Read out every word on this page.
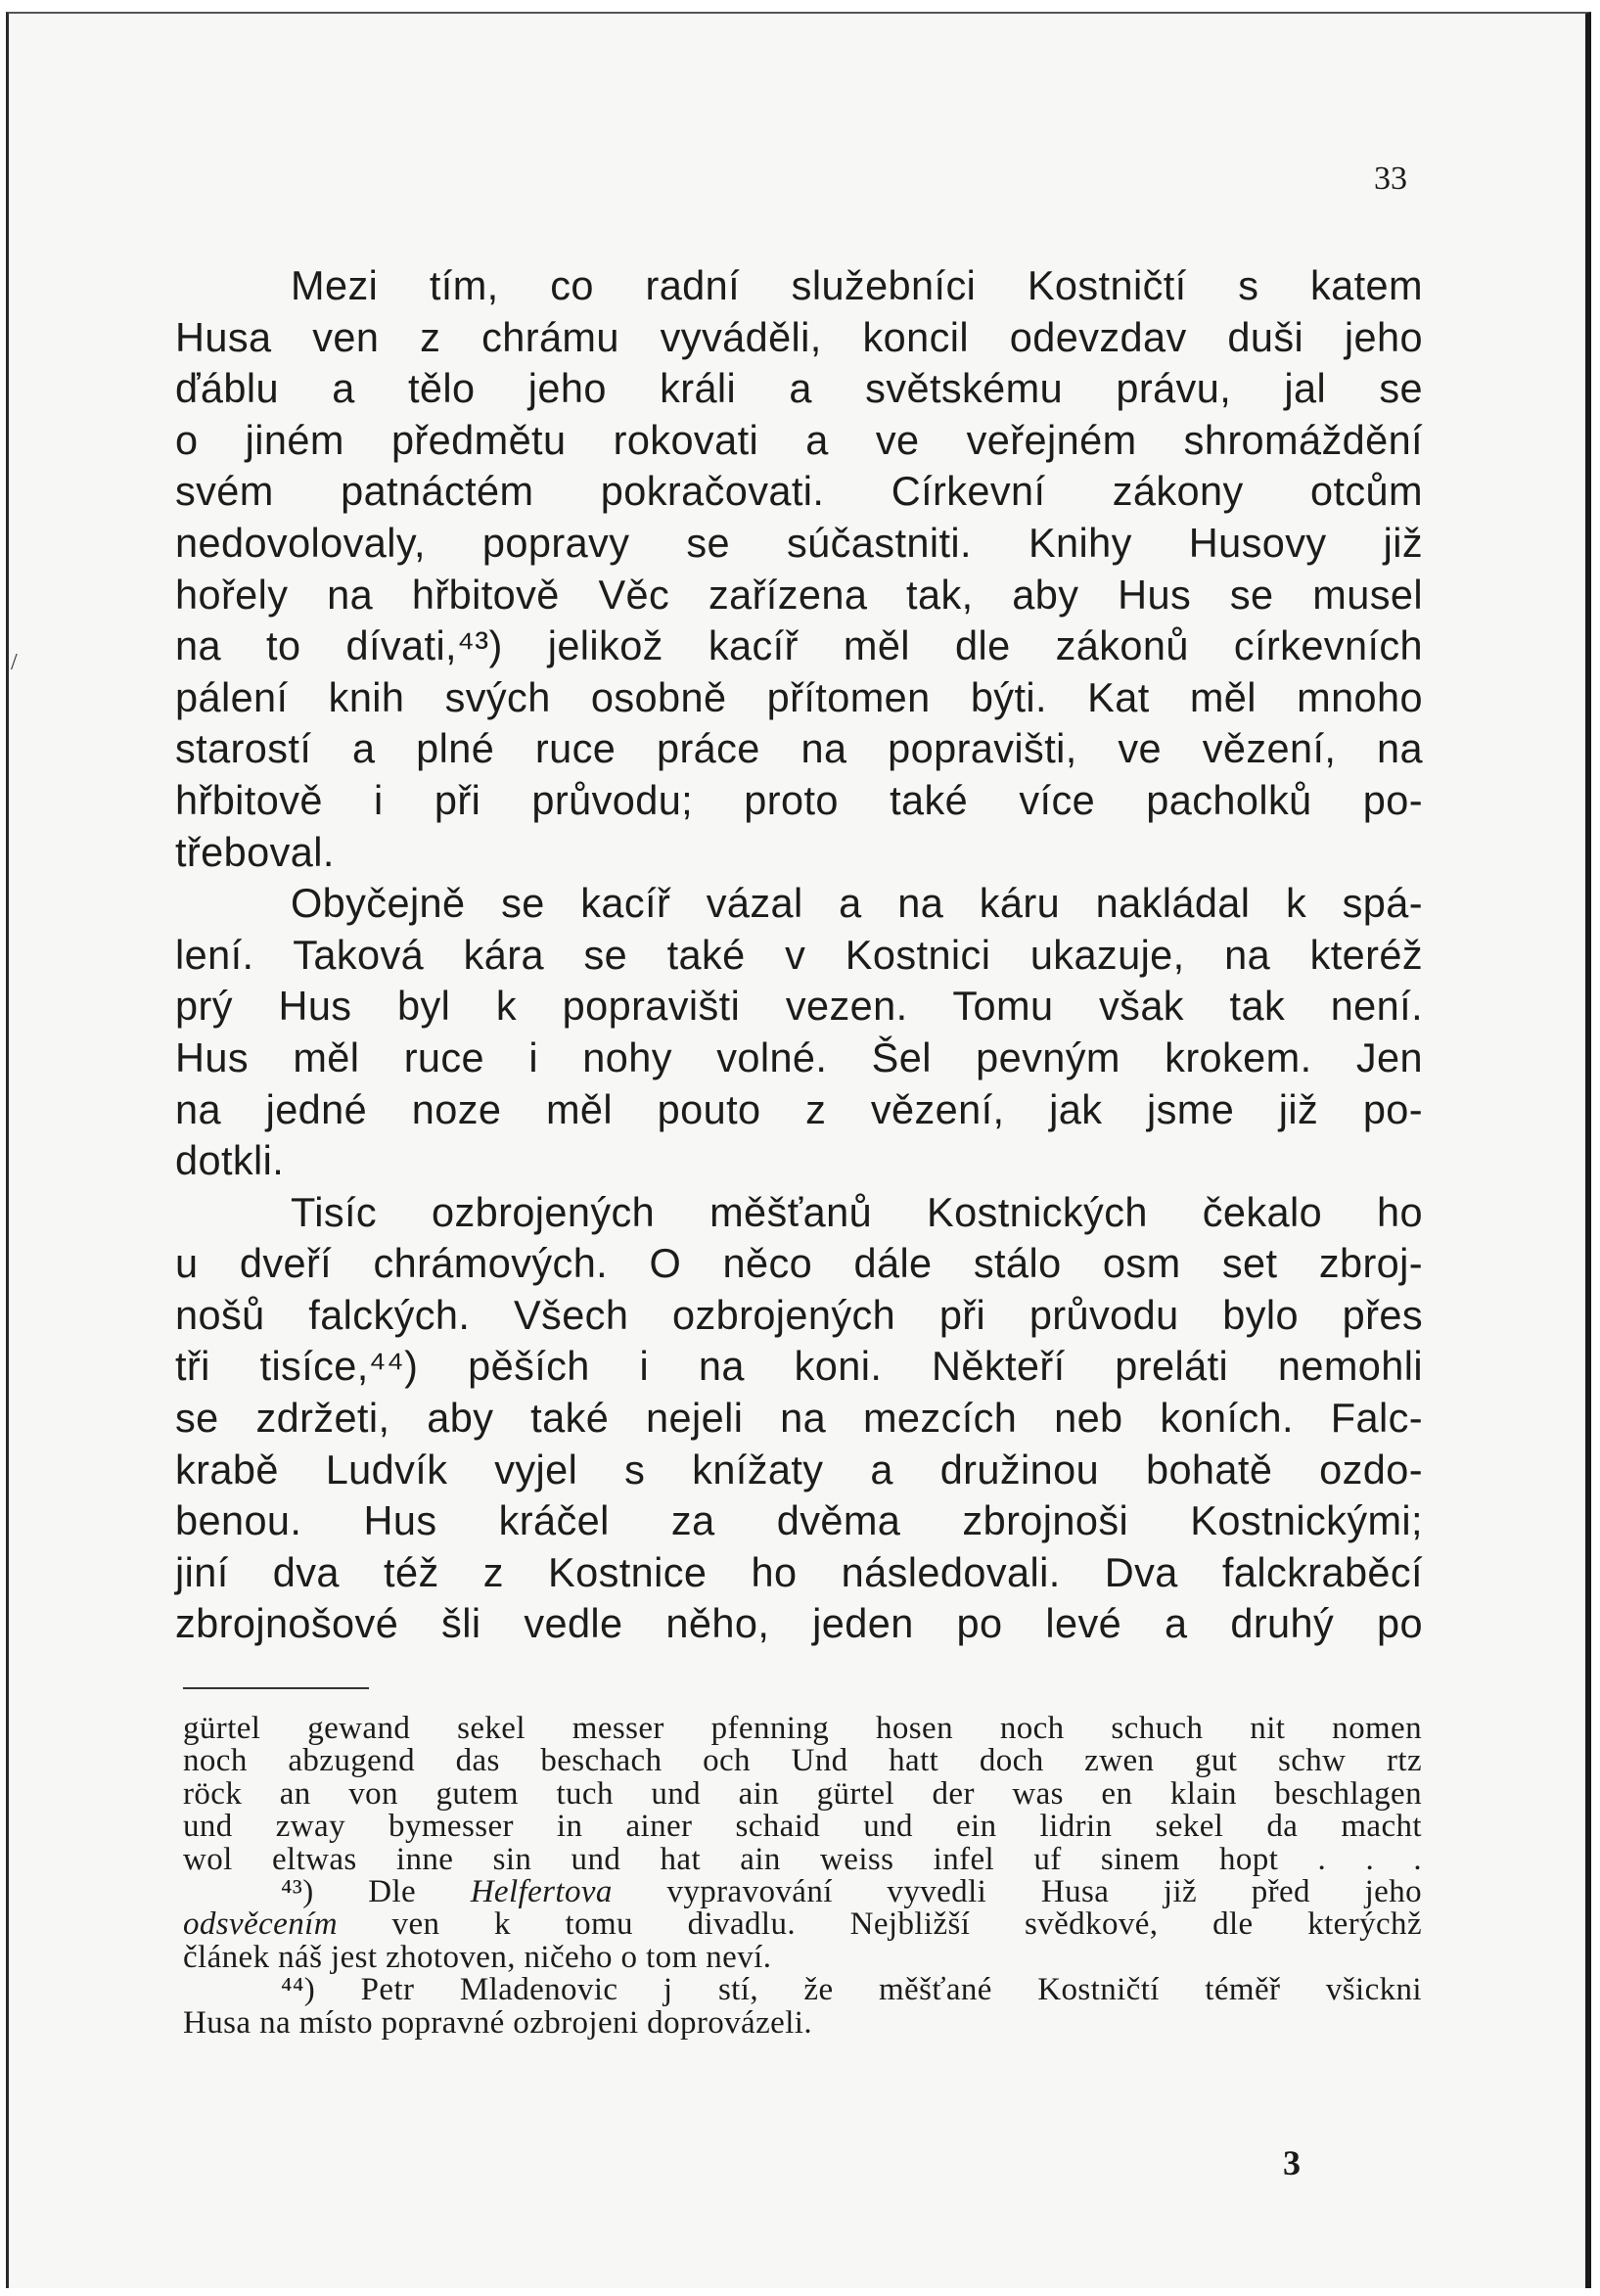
33
/
Mezi tím, co radní služebníci Kostničtí s katem
Husa ven z chrámu vyváděli, koncil odevzdav duši jeho
ďáblu a tělo jeho králi a světskému právu, jal se
o jiném předmětu rokovati a ve veřejném shromáždění
svém patnáctém pokračovati. Církevní zákony otcům
nedovolovaly, popravy se súčastniti. Knihy Husovy již
hořely na hřbitově Věc zařízena tak, aby Hus se musel
na to dívati,⁴³) jelikož kacíř měl dle zákonů církevních
pálení knih svých osobně přítomen býti. Kat měl mnoho
starostí a plné ruce práce na popravišti, ve vězení, na
hřbitově i při průvodu; proto také více pacholků po-
třeboval.
Obyčejně se kacíř vázal a na káru nakládal k spá-
lení. Taková kára se také v Kostnici ukazuje, na kteréž
prý Hus byl k popravišti vezen. Tomu však tak není.
Hus měl ruce i nohy volné. Šel pevným krokem. Jen
na jedné noze měl pouto z vězení, jak jsme již po-
dotkli.
Tisíc ozbrojených měšťanů Kostnických čekalo ho
u dveří chrámových. O něco dále stálo osm set zbroj-
nošů falckých. Všech ozbrojených při průvodu bylo přes
tři tisíce,⁴⁴) pěších i na koni. Někteří preláti nemohli
se zdržeti, aby také nejeli na mezcích neb koních. Falc-
krabě Ludvík vyjel s knížaty a družinou bohatě ozdo-
benou. Hus kráčel za dvěma zbrojnoši Kostnickými;
jiní dva též z Kostnice ho následovali. Dva falckraběcí
zbrojnošové šli vedle něho, jeden po levé a druhý po
gürtel gewand sekel messer pfenning hosen noch schuch nit nomen
noch abzugend das beschach och Und hatt doch zwen gut schw rtz
röck an von gutem tuch und ain gürtel der was en klain beschlagen
und zway bymesser in ainer schaid und ein lidrin sekel da macht
wol eltwas inne sin und hat ain weiss infel uf sinem hopt . . .
⁴³) Dle Helfertova vypravování vyvedli Husa již před jeho
odsvěcením ven k tomu divadlu. Nejbližší svědkové, dle kterýchž
článek náš jest zhotoven, ničeho o tom neví.
⁴⁴) Petr Mladenovic j stí, že měšťané Kostničtí téměř všickni
Husa na místo popravné ozbrojeni doprovázeli.
3
